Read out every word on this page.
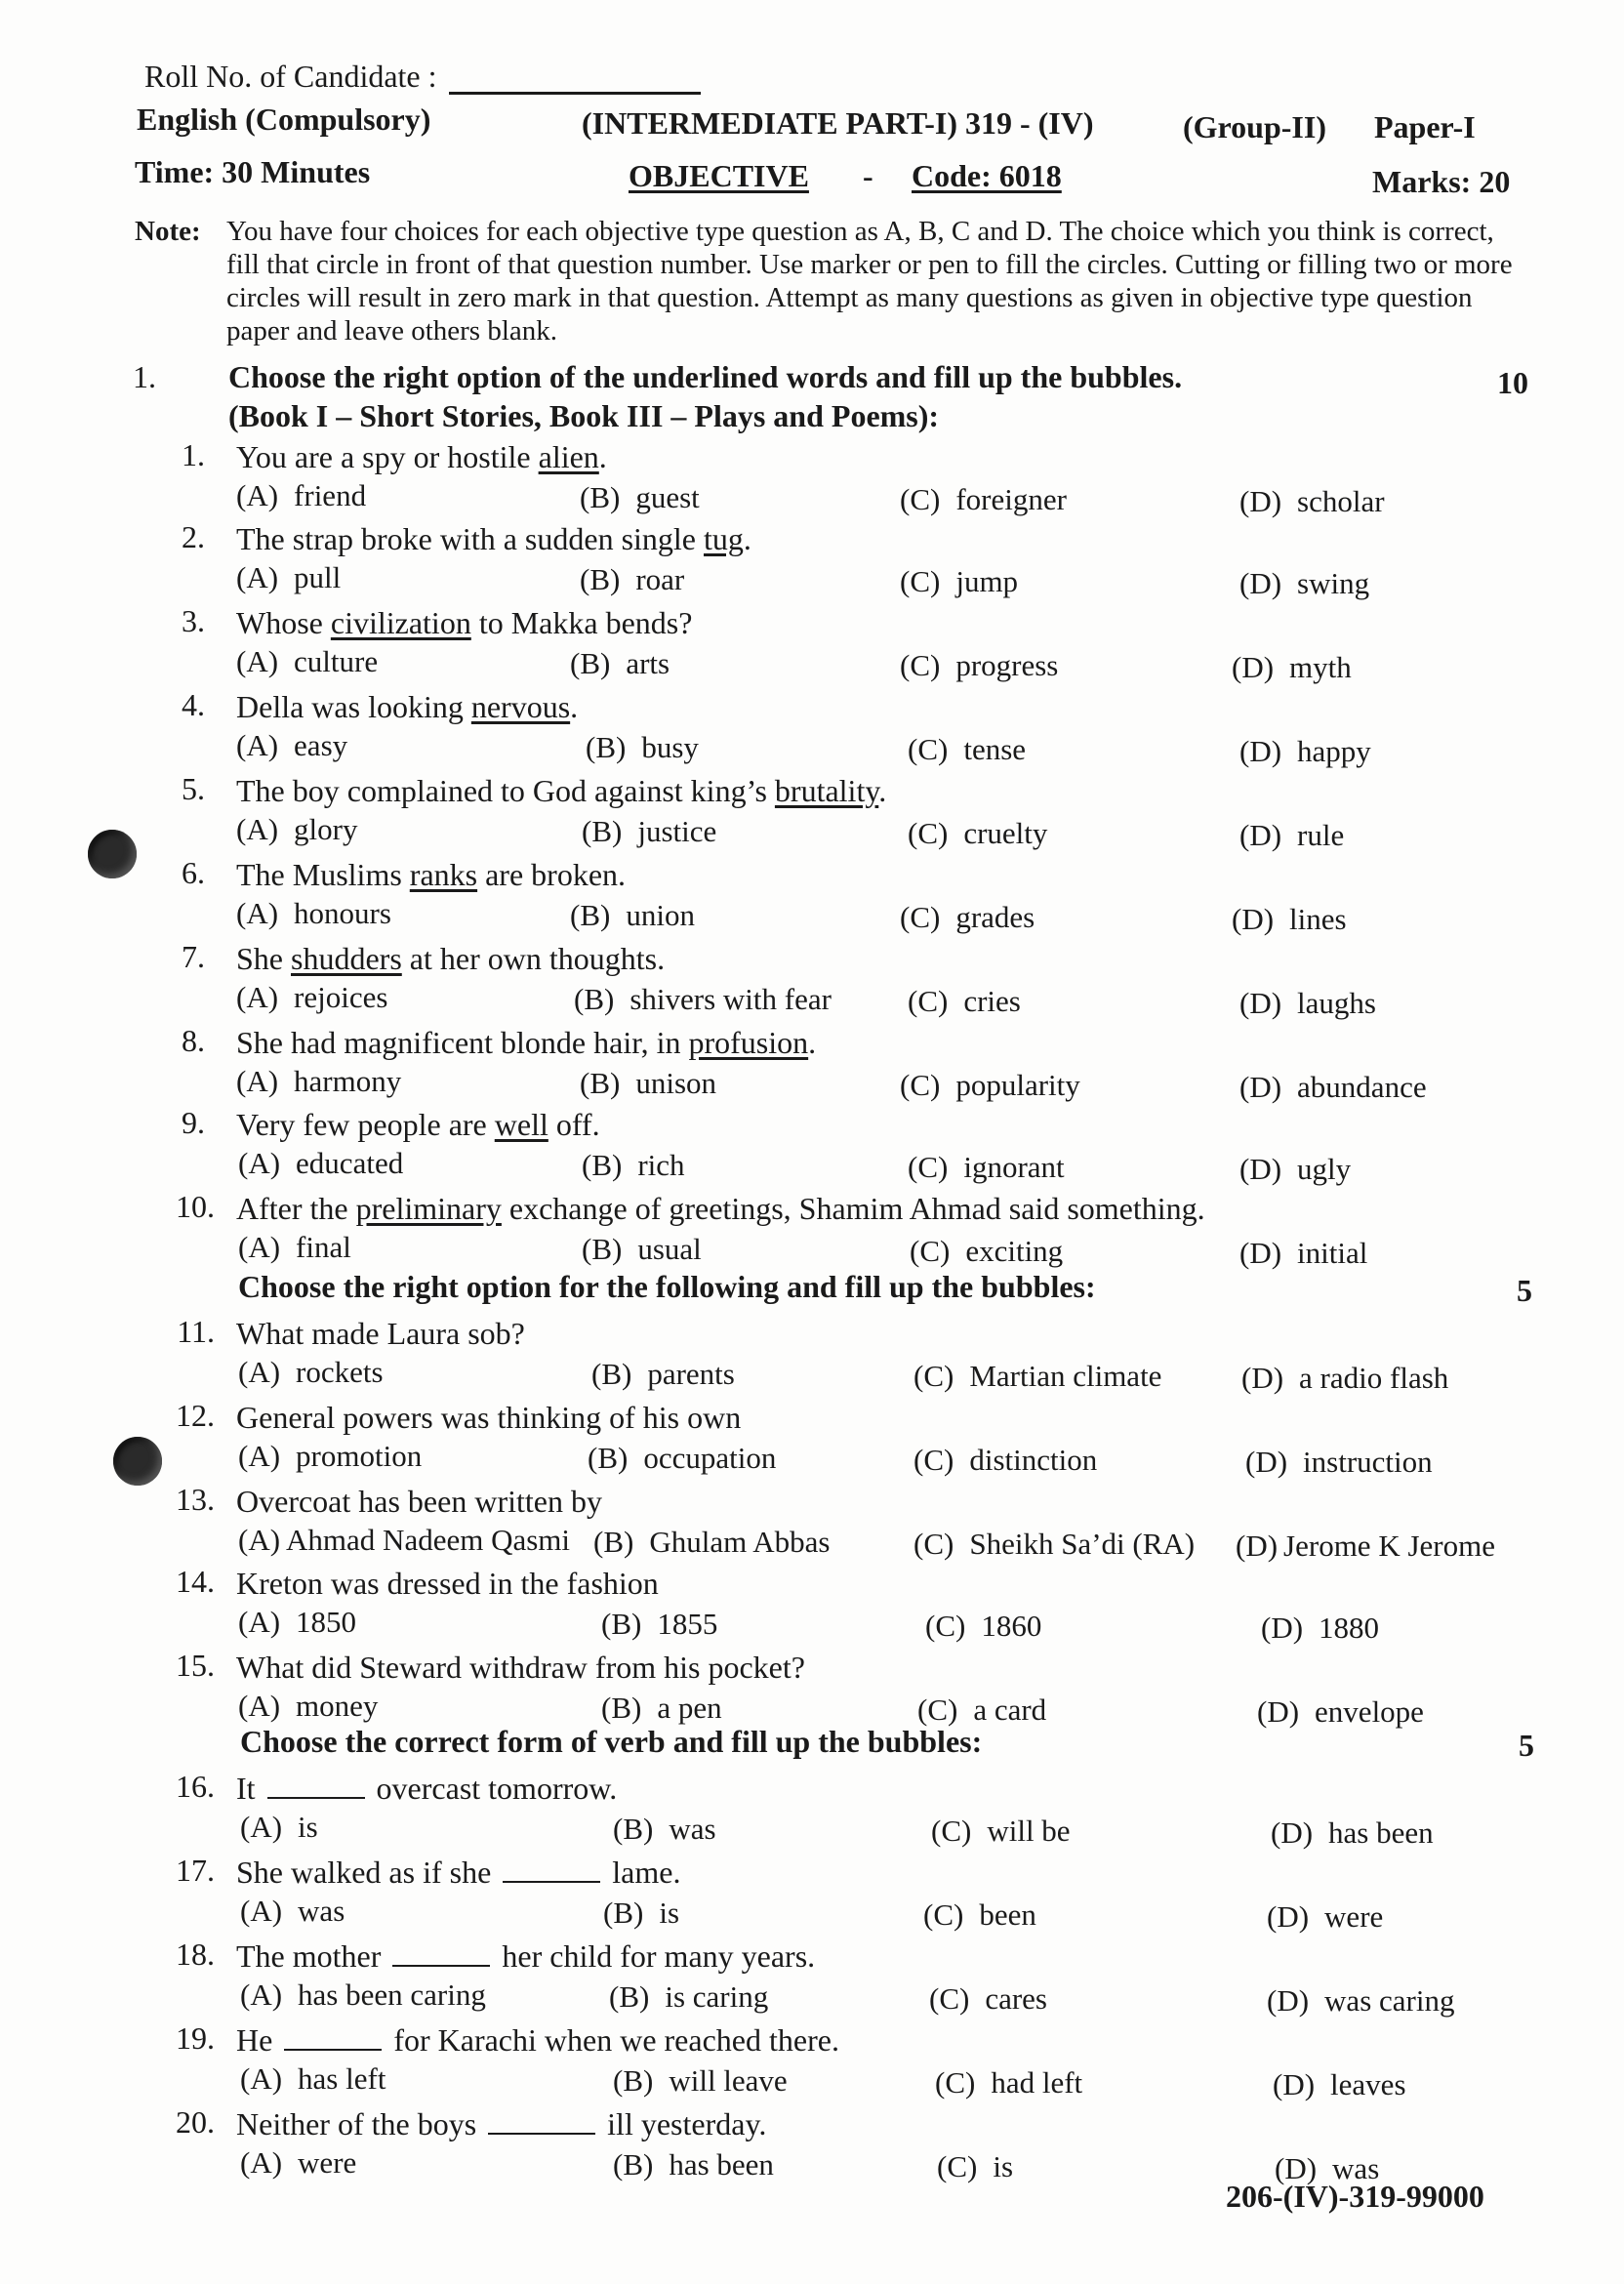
Roll No. of Candidate :
English (Compulsory)	(INTERMEDIATE PART-I) 319 - (IV)	(Group-II) Paper-I
Time: 30 Minutes	OBJECTIVE - Code: 6018	Marks: 20
Note: You have four choices for each objective type question as A, B, C and D. The choice which you think is correct,
fill that circle in front of that question number. Use marker or pen to fill the circles. Cutting or filling two or more
circles will result in zero mark in that question. Attempt as many questions as given in objective type question
paper and leave others blank.
1. Choose the right option of the underlined words and fill up the bubbles.
(Book I – Short Stories, Book III – Plays and Poems):
10
Choose the right option for the following and fill up the bubbles:	5
Choose the correct form of verb and fill up the bubbles:	5
1. You are a spy or hostile alien.
(A) friend	(B) guest	(C) foreigner	(D) scholar
2. The strap broke with a sudden single tug.
(A) pull	(B) roar	(C) jump	(D) swing
3. Whose civilization to Makka bends?
(A) culture	(B) arts	(C) progress	(D) myth
4. Della was looking nervous.
(A) easy	(B) busy	(C) tense	(D) happy
5. The boy complained to God against king’s brutality.
(A) glory	(B) justice	(C) cruelty	(D) rule
6. The Muslims ranks are broken.
(A) honours	(B) union	(C) grades	(D) lines
7. She shudders at her own thoughts.
(A) rejoices	(B) shivers with fear	(C) cries	(D) laughs
8. She had magnificent blonde hair, in profusion.
(A) harmony	(B) unison	(C) popularity	(D) abundance
9. Very few people are well off.
(A) educated	(B) rich	(C) ignorant	(D) ugly
10. After the preliminary exchange of greetings, Shamim Ahmad said something.
(A) final	(B) usual	(C) exciting	(D) initial
11. What made Laura sob?
(A) rockets	(B) parents	(C) Martian climate	(D) a radio flash
12. General powers was thinking of his own
(A) promotion	(B) occupation	(C) distinction	(D) instruction
13. Overcoat has been written by
(A) Ahmad Nadeem Qasmi (B) Ghulam Abbas	(C) Sheikh Sa’di (RA) (D) Jerome K Jerome
14. Kreton was dressed in the fashion
(A) 1850	(B) 1855	(C) 1860	(D) 1880
15. What did Steward withdraw from his pocket?
(A) money	(B) a pen	(C) a card	(D) envelope
16. It	overcast tomorrow.
(A) is	(B) was	(C) will be	(D) has been
17. She walked as if she	lame.
(A) was	(B) is	(C) been	(D) were
18. The mother	her child for many years.
(A) has been caring	(B) is caring	(C) cares	(D) was caring
19. He	for Karachi when we reached there.
(A) has left	(B) will leave	(C) had left	(D) leaves
20. Neither of the boys	ill yesterday.
(A) were	(B) has been	(C) is	(D) was
206-(IV)-319-99000
